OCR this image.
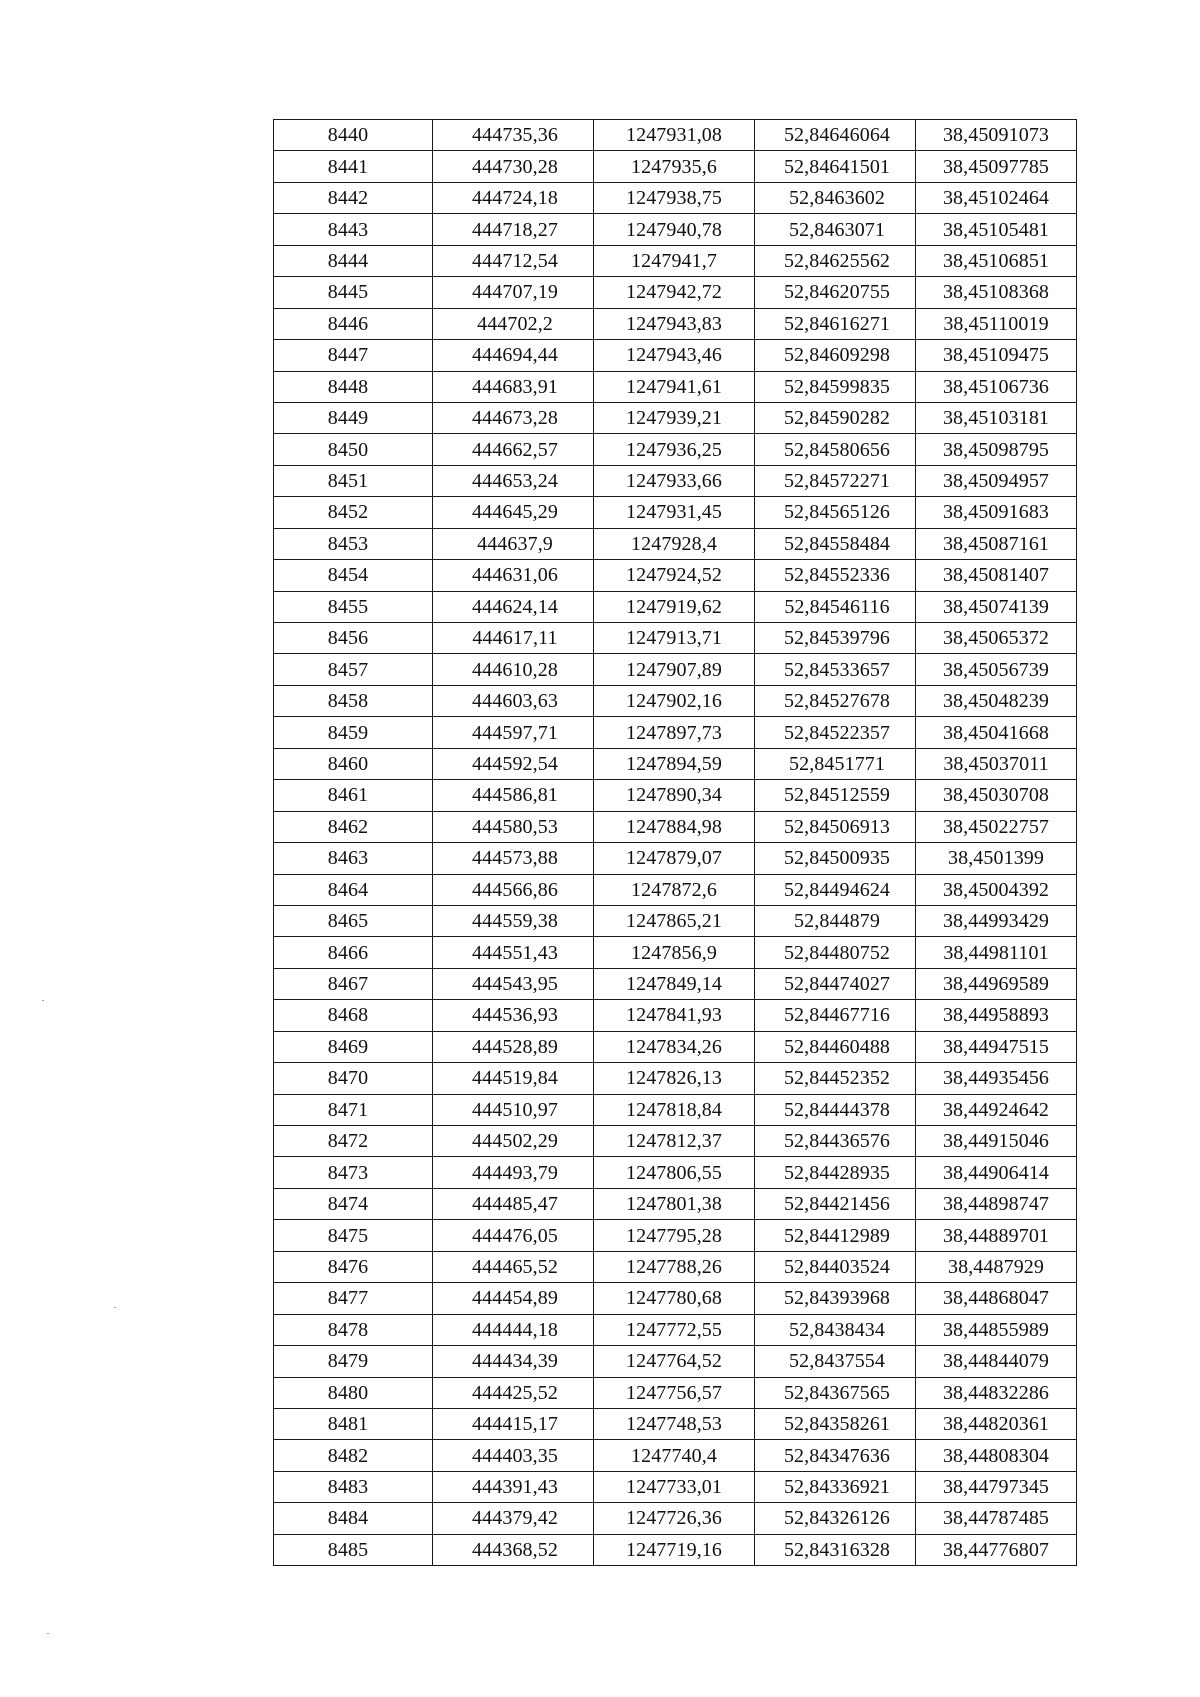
8440	444735,36	1247931,08	52,84646064	38,45091073
8441	444730,28	1247935,6	52,84641501	38,45097785
8442	444724,18	1247938,75	52,8463602	38,45102464
8443	444718,27	1247940,78	52,8463071	38,45105481
8444	444712,54	1247941,7	52,84625562	38,45106851
8445	444707,19	1247942,72	52,84620755	38,45108368
8446	444702,2	1247943,83	52,84616271	38,45110019
8447	444694,44	1247943,46	52,84609298	38,45109475
8448	444683,91	1247941,61	52,84599835	38,45106736
8449	444673,28	1247939,21	52,84590282	38,45103181
8450	444662,57	1247936,25	52,84580656	38,45098795
8451	444653,24	1247933,66	52,84572271	38,45094957
8452	444645,29	1247931,45	52,84565126	38,45091683
8453	444637,9	1247928,4	52,84558484	38,45087161
8454	444631,06	1247924,52	52,84552336	38,45081407
8455	444624,14	1247919,62	52,84546116	38,45074139
8456	444617,11	1247913,71	52,84539796	38,45065372
8457	444610,28	1247907,89	52,84533657	38,45056739
8458	444603,63	1247902,16	52,84527678	38,45048239
8459	444597,71	1247897,73	52,84522357	38,45041668
8460	444592,54	1247894,59	52,8451771	38,45037011
8461	444586,81	1247890,34	52,84512559	38,45030708
8462	444580,53	1247884,98	52,84506913	38,45022757
8463	444573,88	1247879,07	52,84500935	38,4501399
8464	444566,86	1247872,6	52,84494624	38,45004392
8465	444559,38	1247865,21	52,844879	38,44993429
8466	444551,43	1247856,9	52,84480752	38,44981101
8467	444543,95	1247849,14	52,84474027	38,44969589
8468	444536,93	1247841,93	52,84467716	38,44958893
8469	444528,89	1247834,26	52,84460488	38,44947515
8470	444519,84	1247826,13	52,84452352	38,44935456
8471	444510,97	1247818,84	52,84444378	38,44924642
8472	444502,29	1247812,37	52,84436576	38,44915046
8473	444493,79	1247806,55	52,84428935	38,44906414
8474	444485,47	1247801,38	52,84421456	38,44898747
8475	444476,05	1247795,28	52,84412989	38,44889701
8476	444465,52	1247788,26	52,84403524	38,4487929
8477	444454,89	1247780,68	52,84393968	38,44868047
8478	444444,18	1247772,55	52,8438434	38,44855989
8479	444434,39	1247764,52	52,8437554	38,44844079
8480	444425,52	1247756,57	52,84367565	38,44832286
8481	444415,17	1247748,53	52,84358261	38,44820361
8482	444403,35	1247740,4	52,84347636	38,44808304
8483	444391,43	1247733,01	52,84336921	38,44797345
8484	444379,42	1247726,36	52,84326126	38,44787485
8485	444368,52	1247719,16	52,84316328	38,44776807
